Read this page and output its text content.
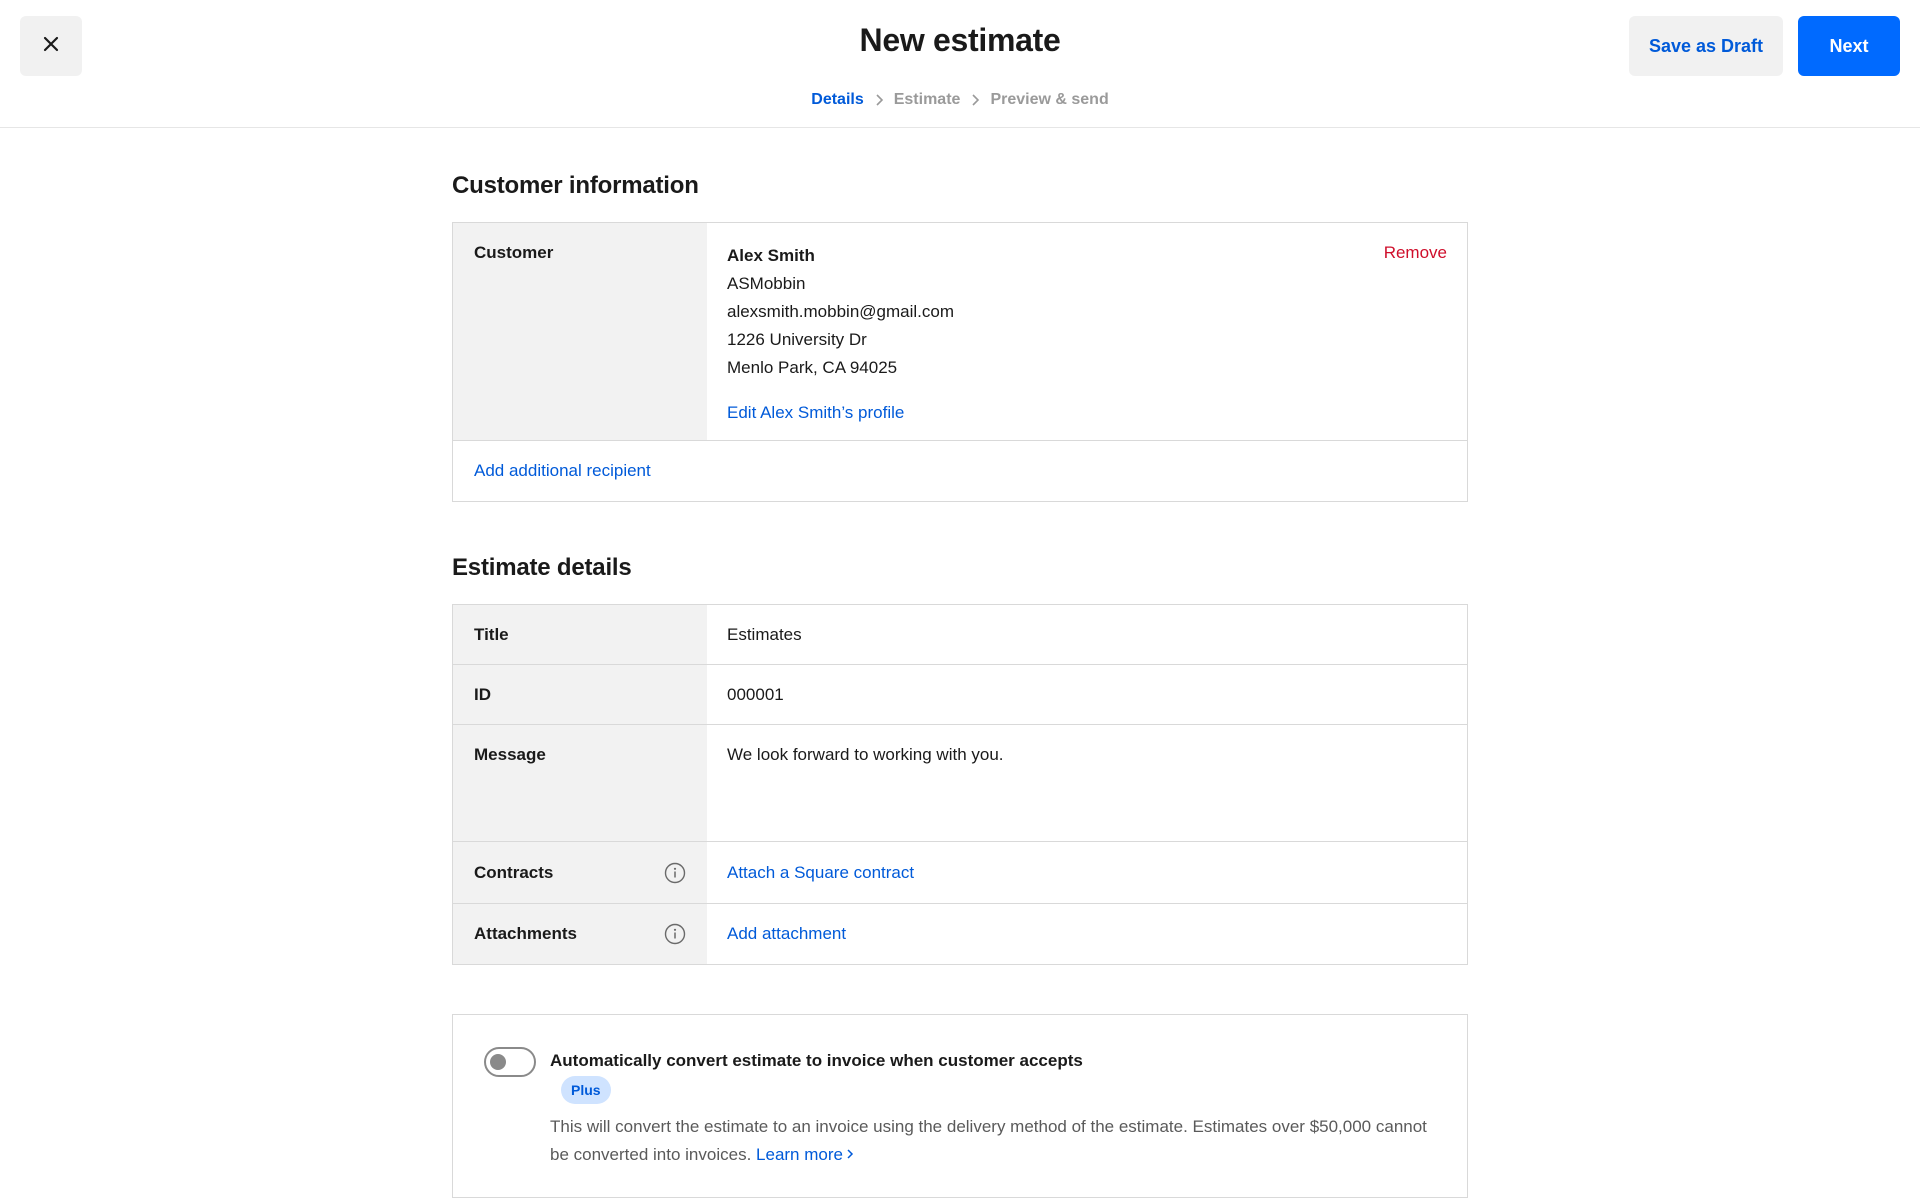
New estimate	Save as Draft	Next
Details Estimate Preview & send
Customer information
Customer	Alex Smith
ASMobbin
alexsmith.mobbin@gmail.com
1226 University Dr
Menlo Park, CA 94025
Edit Alex Smith’s profile
Remove
Add additional recipient
Estimate details
Title	Estimates
ID	000001
Message	We look forward to working with you.
Contracts	Attach a Square contract
Attachments	Add attachment
Automatically convert estimate to invoice when customer accepts
Plus
This will convert the estimate to an invoice using the delivery method of the estimate. Estimates over $50,000 cannot be converted into invoices. Learn more
